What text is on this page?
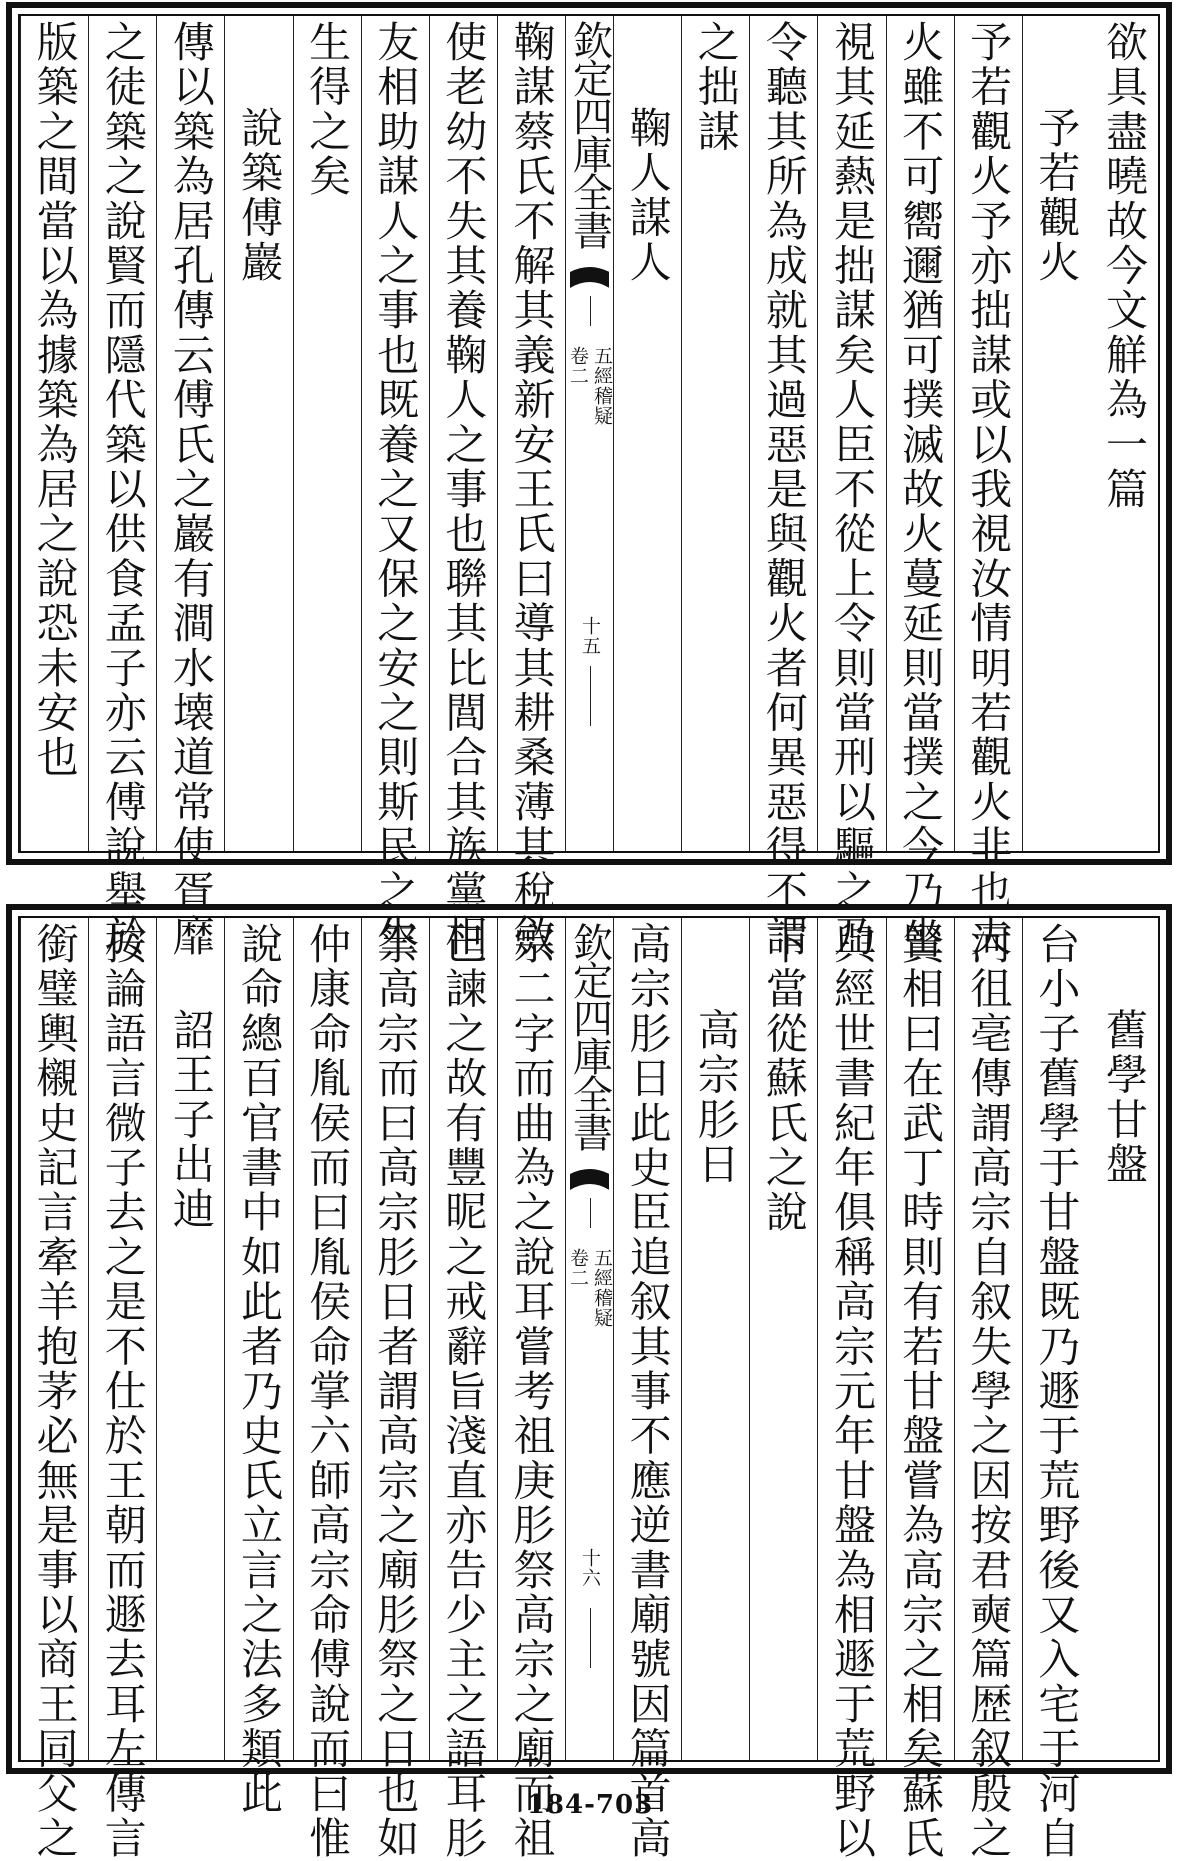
欲具盡曉故今文觧為一篇
予若觀火
予若觀火予亦拙謀或以我視汝情明若觀火非也夫
火雖不可嚮邇猶可撲滅故火蔓延則當撲之今乃坐
視其延爇是拙謀矣人臣不從上令則當刑以驅之乃
令聽其所為成就其過惡是與觀火者何異惡得不謂
之拙謀
鞠人謀人
欽定四庫全書
五經稽疑
卷二
十五
鞠謀蔡氏不解其義新安王氏曰導其耕桑薄其稅斂
使老幼不失其養鞠人之事也聨其比閭合其族黨相
友相助謀人之事也既養之又保之安之則斯民之生
生得之矣
說築傅巖
傳以築為居孔傳云傅氏之巖有澗水壊道常使胥靡
之徒築之說賢而隱代築以供食孟子亦云傅說舉於
版築之間當以為據築為居之說恐未安也
舊學甘盤
台小子舊學于甘盤既乃遯于荒野後又入宅于河自
河徂亳傳謂高宗自叙失學之因按君奭篇歴叙殷之
賢相曰在武丁時則有若甘盤嘗為高宗之相矣蘇氏
與經世書紀年俱稱高宗元年甘盤為相遯于荒野以
下當從蘇氏之說
高宗肜日
高宗肜日此史臣追叙其事不應逆書廟號因篇首高
欽定四庫全書
五經稽疑
卷二
十六
宗二字而曲為之說耳嘗考祖庚肜祭高宗之廟而祖
己諫之故有豐昵之戒辭旨淺直亦告少主之語耳肜
祭高宗而曰高宗肜日者謂高宗之廟肜祭之日也如
仲康命胤侯而曰胤侯命掌六師高宗命傅說而曰惟
說命總百官書中如此者乃史氏立言之法多類此
詔王子出迪
按論語言微子去之是不仕於王朝而遯去耳左傳言
銜璧輿櫬史記言牽羊抱茅必無是事以商王同父之	184-703
